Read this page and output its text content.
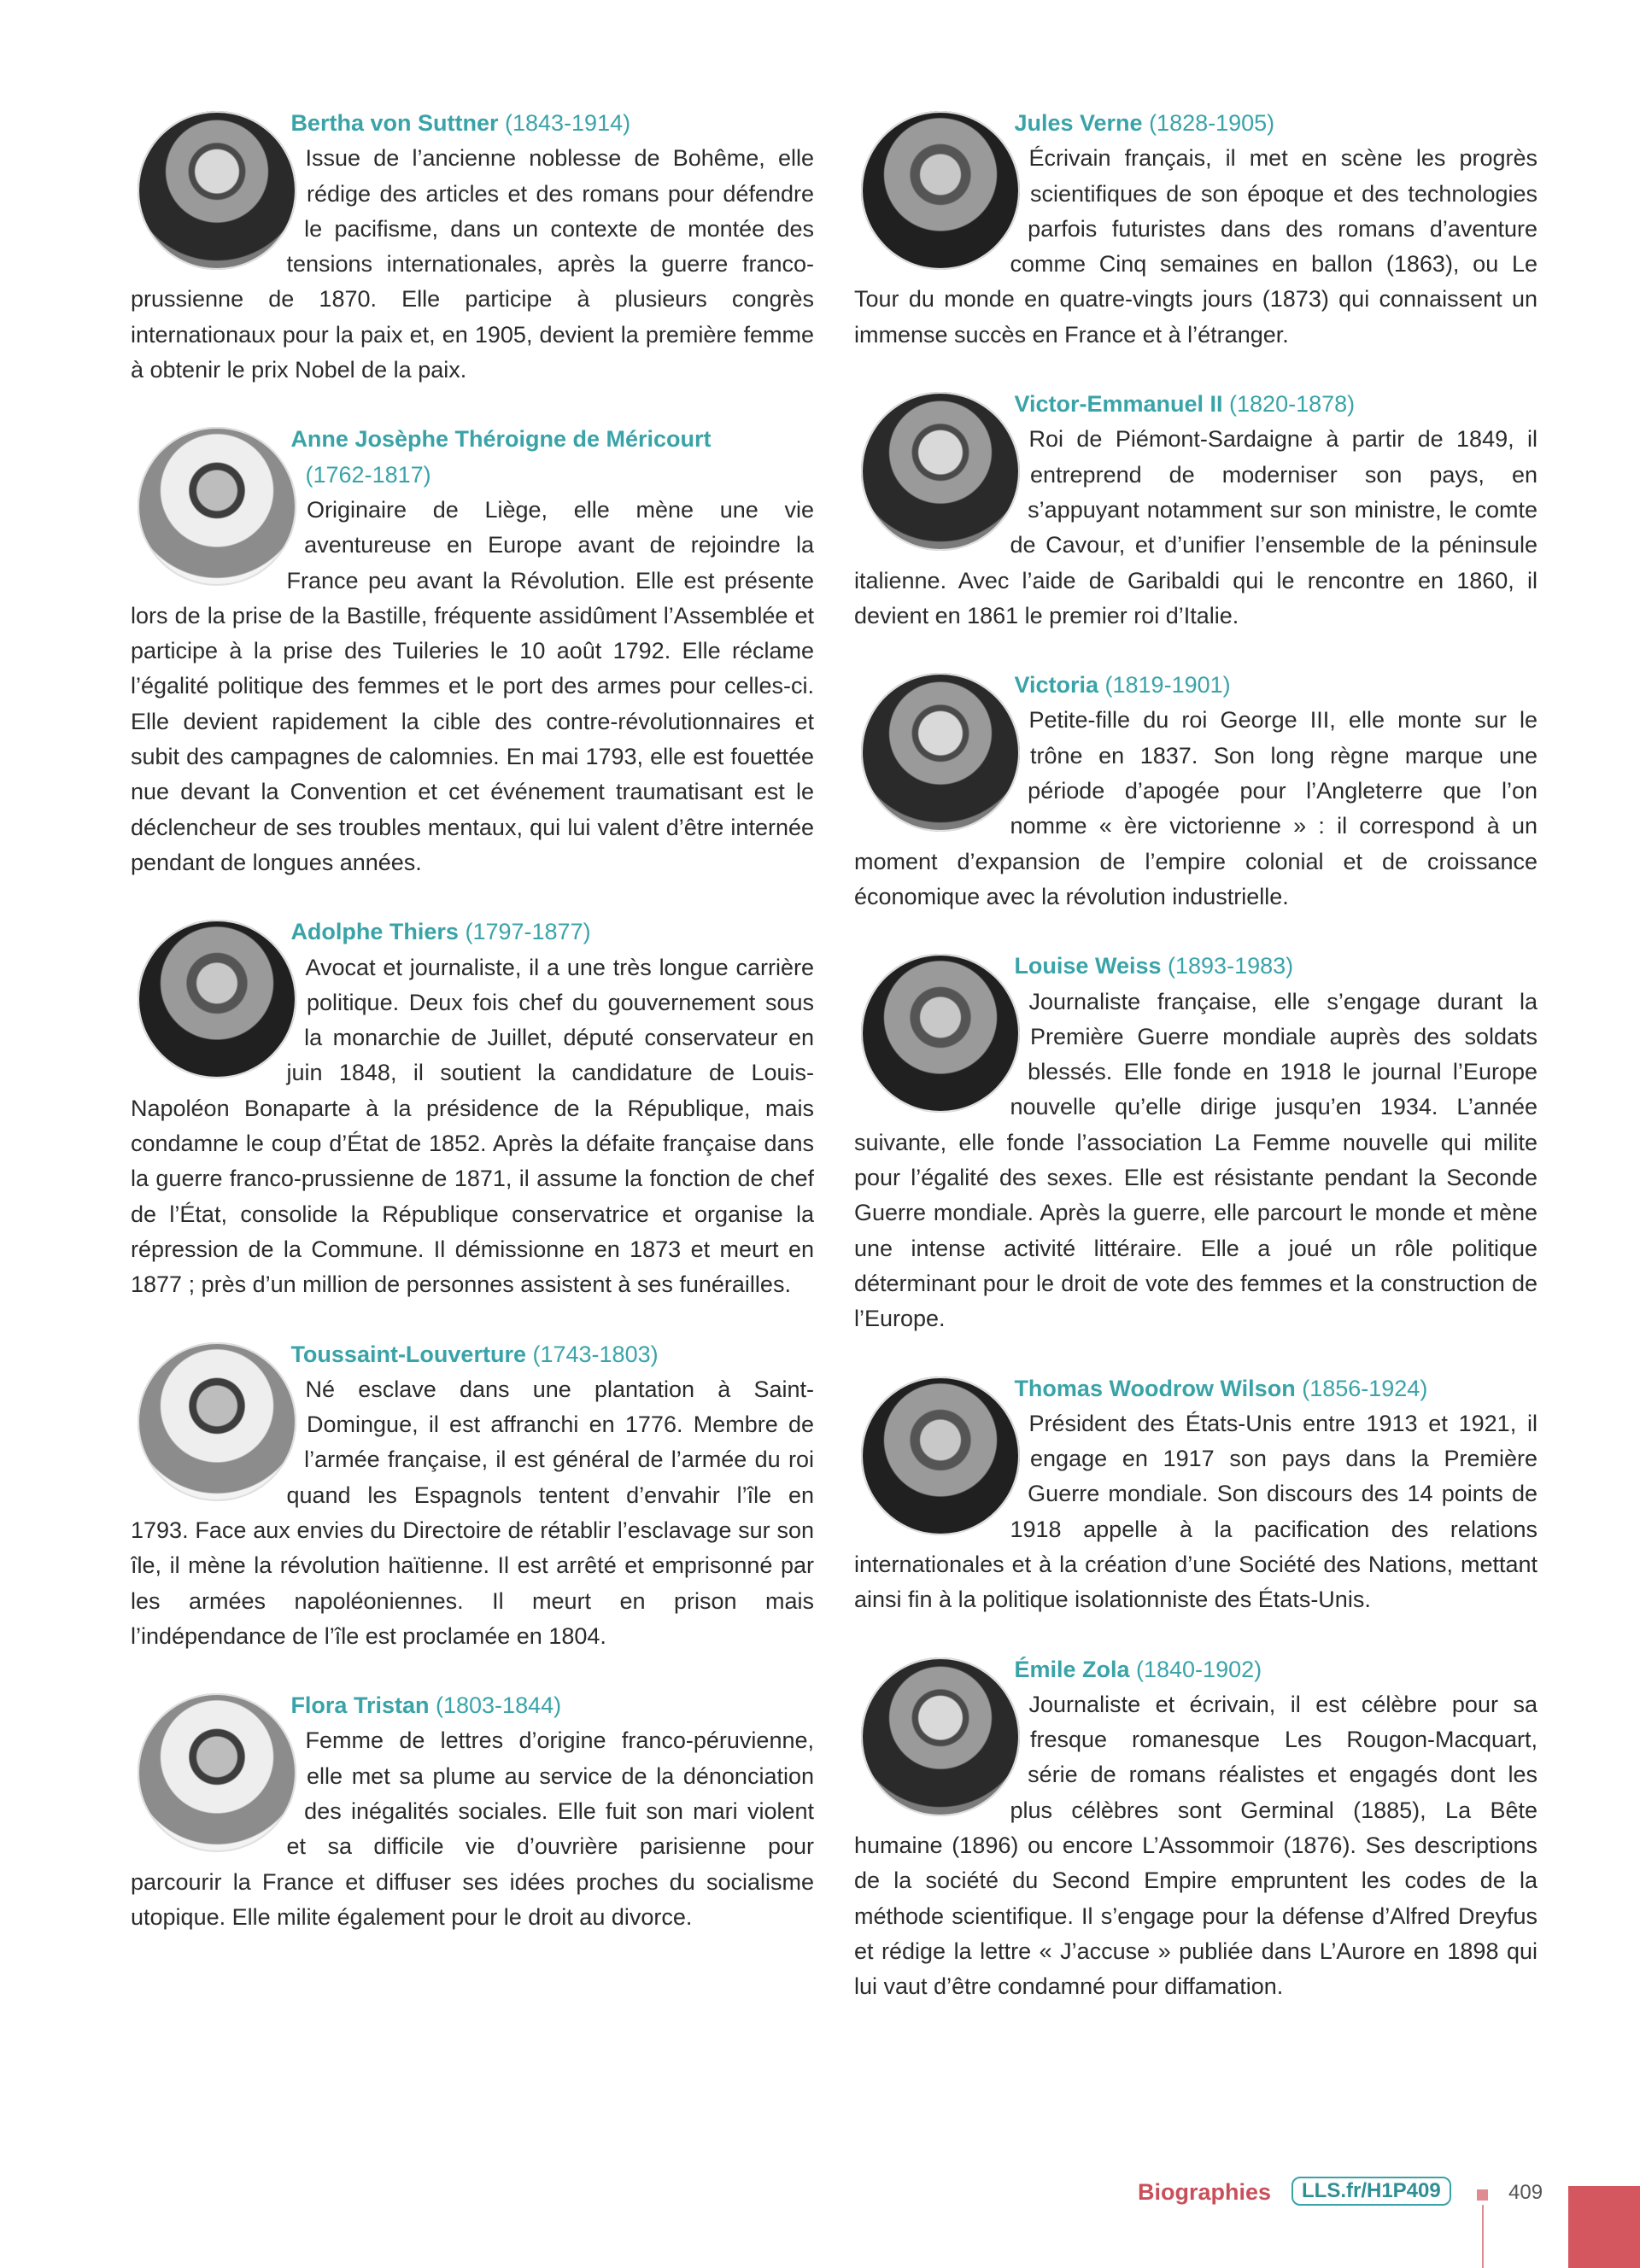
Bertha von Suttner (1843-1914)
Issue de l’ancienne noblesse de Bohême, elle rédige des articles et des romans pour défendre le pacifisme, dans un contexte de montée des tensions internationales, après la guerre franco-prussienne de 1870. Elle participe à plusieurs congrès internationaux pour la paix et, en 1905, devient la première femme à obtenir le prix Nobel de la paix.
Anne Josèphe Théroigne de Méricourt
(1762-1817)
Originaire de Liège, elle mène une vie aventureuse en Europe avant de rejoindre la France peu avant la Révolution. Elle est présente lors de la prise de la Bastille, fréquente assidûment l’Assemblée et participe à la prise des Tuileries le 10 août 1792. Elle réclame l’égalité politique des femmes et le port des armes pour celles-ci. Elle devient rapidement la cible des contre-révolutionnaires et subit des campagnes de calomnies. En mai 1793, elle est fouettée nue devant la Convention et cet événement traumatisant est le déclencheur de ses troubles mentaux, qui lui valent d’être internée pendant de longues années.
Adolphe Thiers (1797-1877)
Avocat et journaliste, il a une très longue carrière politique. Deux fois chef du gouvernement sous la monarchie de Juillet, député conservateur en juin 1848, il soutient la candidature de Louis-Napoléon Bonaparte à la présidence de la République, mais condamne le coup d’État de 1852. Après la défaite française dans la guerre franco-prussienne de 1871, il assume la fonction de chef de l’État, consolide la République conservatrice et organise la répression de la Commune. Il démissionne en 1873 et meurt en 1877 ; près d’un million de personnes assistent à ses funérailles.
Toussaint-Louverture (1743-1803)
Né esclave dans une plantation à Saint-Domingue, il est affranchi en 1776. Membre de l’armée française, il est général de l’armée du roi quand les Espagnols tentent d’envahir l’île en 1793. Face aux envies du Directoire de rétablir l’esclavage sur son île, il mène la révolution haïtienne. Il est arrêté et emprisonné par les armées napoléoniennes. Il meurt en prison mais l’indépendance de l’île est proclamée en 1804.
Flora Tristan (1803-1844)
Femme de lettres d’origine franco-péruvienne, elle met sa plume au service de la dénonciation des inégalités sociales. Elle fuit son mari violent et sa difficile vie d’ouvrière parisienne pour parcourir la France et diffuser ses idées proches du socialisme utopique. Elle milite également pour le droit au divorce.
Jules Verne (1828-1905)
Écrivain français, il met en scène les progrès scientifiques de son époque et des technologies parfois futuristes dans des romans d’aventure comme Cinq semaines en ballon (1863), ou Le Tour du monde en quatre-vingts jours (1873) qui connaissent un immense succès en France et à l’étranger.
Victor-Emmanuel II (1820-1878)
Roi de Piémont-Sardaigne à partir de 1849, il entreprend de moderniser son pays, en s’appuyant notamment sur son ministre, le comte de Cavour, et d’unifier l’ensemble de la péninsule italienne. Avec l’aide de Garibaldi qui le rencontre en 1860, il devient en 1861 le premier roi d’Italie.
Victoria (1819-1901)
Petite-fille du roi George III, elle monte sur le trône en 1837. Son long règne marque une période d’apogée pour l’Angleterre que l’on nomme « ère victorienne » : il correspond à un moment d’expansion de l’empire colonial et de croissance économique avec la révolution industrielle.
Louise Weiss (1893-1983)
Journaliste française, elle s’engage durant la Première Guerre mondiale auprès des soldats blessés. Elle fonde en 1918 le journal l’Europe nouvelle qu’elle dirige jusqu’en 1934. L’année suivante, elle fonde l’association La Femme nouvelle qui milite pour l’égalité des sexes. Elle est résistante pendant la Seconde Guerre mondiale. Après la guerre, elle parcourt le monde et mène une intense activité littéraire. Elle a joué un rôle politique déterminant pour le droit de vote des femmes et la construction de l’Europe.
Thomas Woodrow Wilson (1856-1924)
Président des États-Unis entre 1913 et 1921, il engage en 1917 son pays dans la Première Guerre mondiale. Son discours des 14 points de 1918 appelle à la pacification des relations internationales et à la création d’une Société des Nations, mettant ainsi fin à la politique isolationniste des États-Unis.
Émile Zola (1840-1902)
Journaliste et écrivain, il est célèbre pour sa fresque romanesque Les Rougon-Macquart, série de romans réalistes et engagés dont les plus célèbres sont Germinal (1885), La Bête humaine (1896) ou encore L’Assommoir (1876). Ses descriptions de la société du Second Empire empruntent les codes de la méthode scientifique. Il s’engage pour la défense d’Alfred Dreyfus et rédige la lettre « J’accuse » publiée dans L’Aurore en 1898 qui lui vaut d’être condamné pour diffamation.
Biographies	LLS.fr/H1P409	409
